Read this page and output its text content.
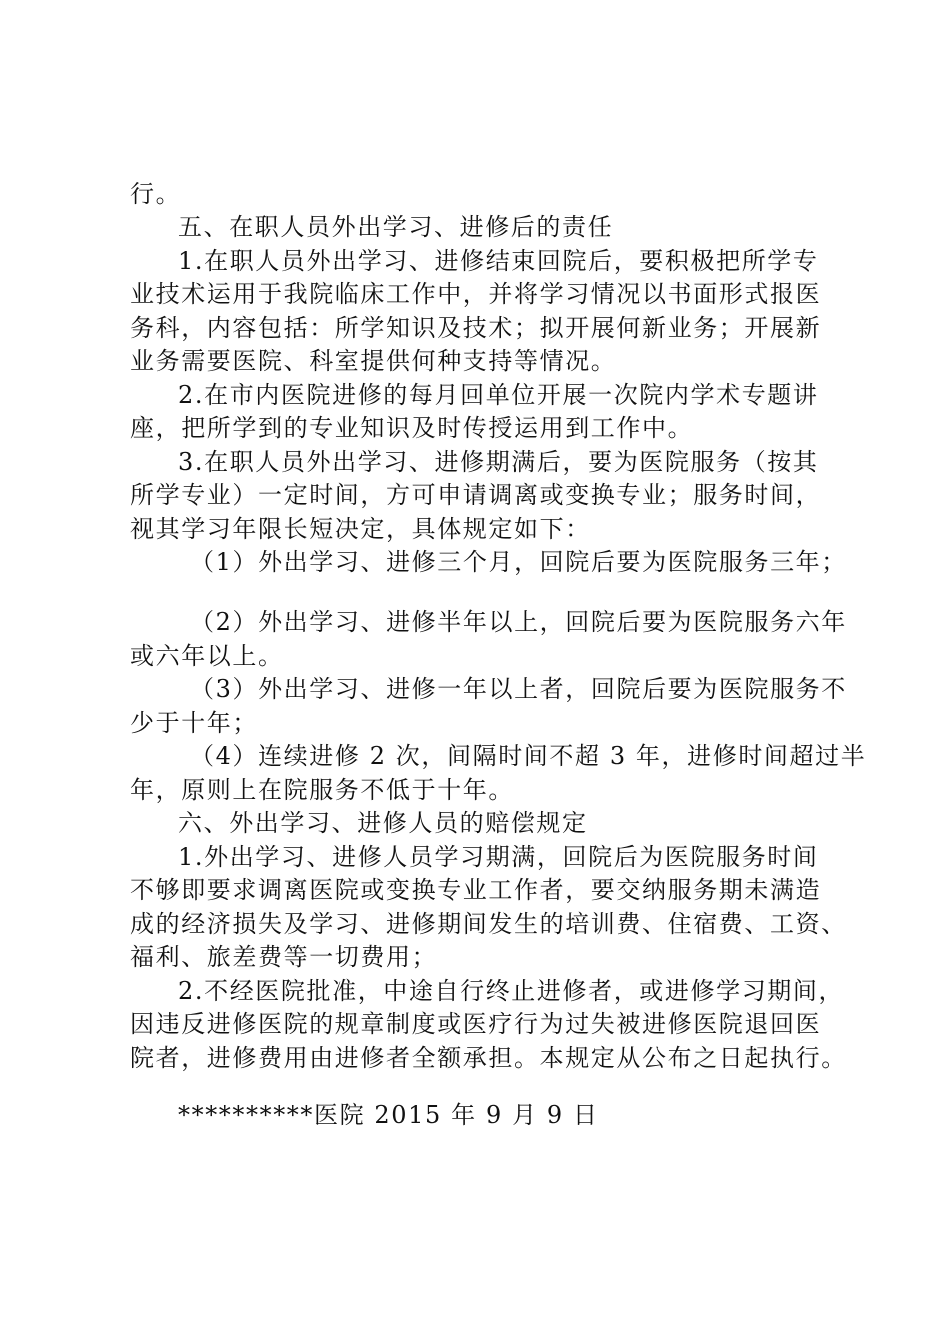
行。
五、在职人员外出学习、进修后的责任
1.在职人员外出学习、进修结束回院后，要积极把所学专
业技术运用于我院临床工作中，并将学习情况以书面形式报医
务科，内容包括：所学知识及技术；拟开展何新业务；开展新
业务需要医院、科室提供何种支持等情况。
2.在市内医院进修的每月回单位开展一次院内学术专题讲
座，把所学到的专业知识及时传授运用到工作中。
3.在职人员外出学习、进修期满后，要为医院服务（按其
所学专业）一定时间，方可申请调离或变换专业；服务时间，
视其学习年限长短决定，具体规定如下：
（1）外出学习、进修三个月，回院后要为医院服务三年；
（2）外出学习、进修半年以上，回院后要为医院服务六年
或六年以上。
（3）外出学习、进修一年以上者，回院后要为医院服务不
少于十年；
（4）连续进修 2 次，间隔时间不超 3 年，进修时间超过半
年，原则上在院服务不低于十年。
六、外出学习、进修人员的赔偿规定
1.外出学习、进修人员学习期满，回院后为医院服务时间
不够即要求调离医院或变换专业工作者，要交纳服务期未满造
成的经济损失及学习、进修期间发生的培训费、住宿费、工资、
福利、旅差费等一切费用；
2.不经医院批准，中途自行终止进修者，或进修学习期间，
因违反进修医院的规章制度或医疗行为过失被进修医院退回医
院者，进修费用由进修者全额承担。本规定从公布之日起执行。
**********医院 2015 年 9 月 9 日
